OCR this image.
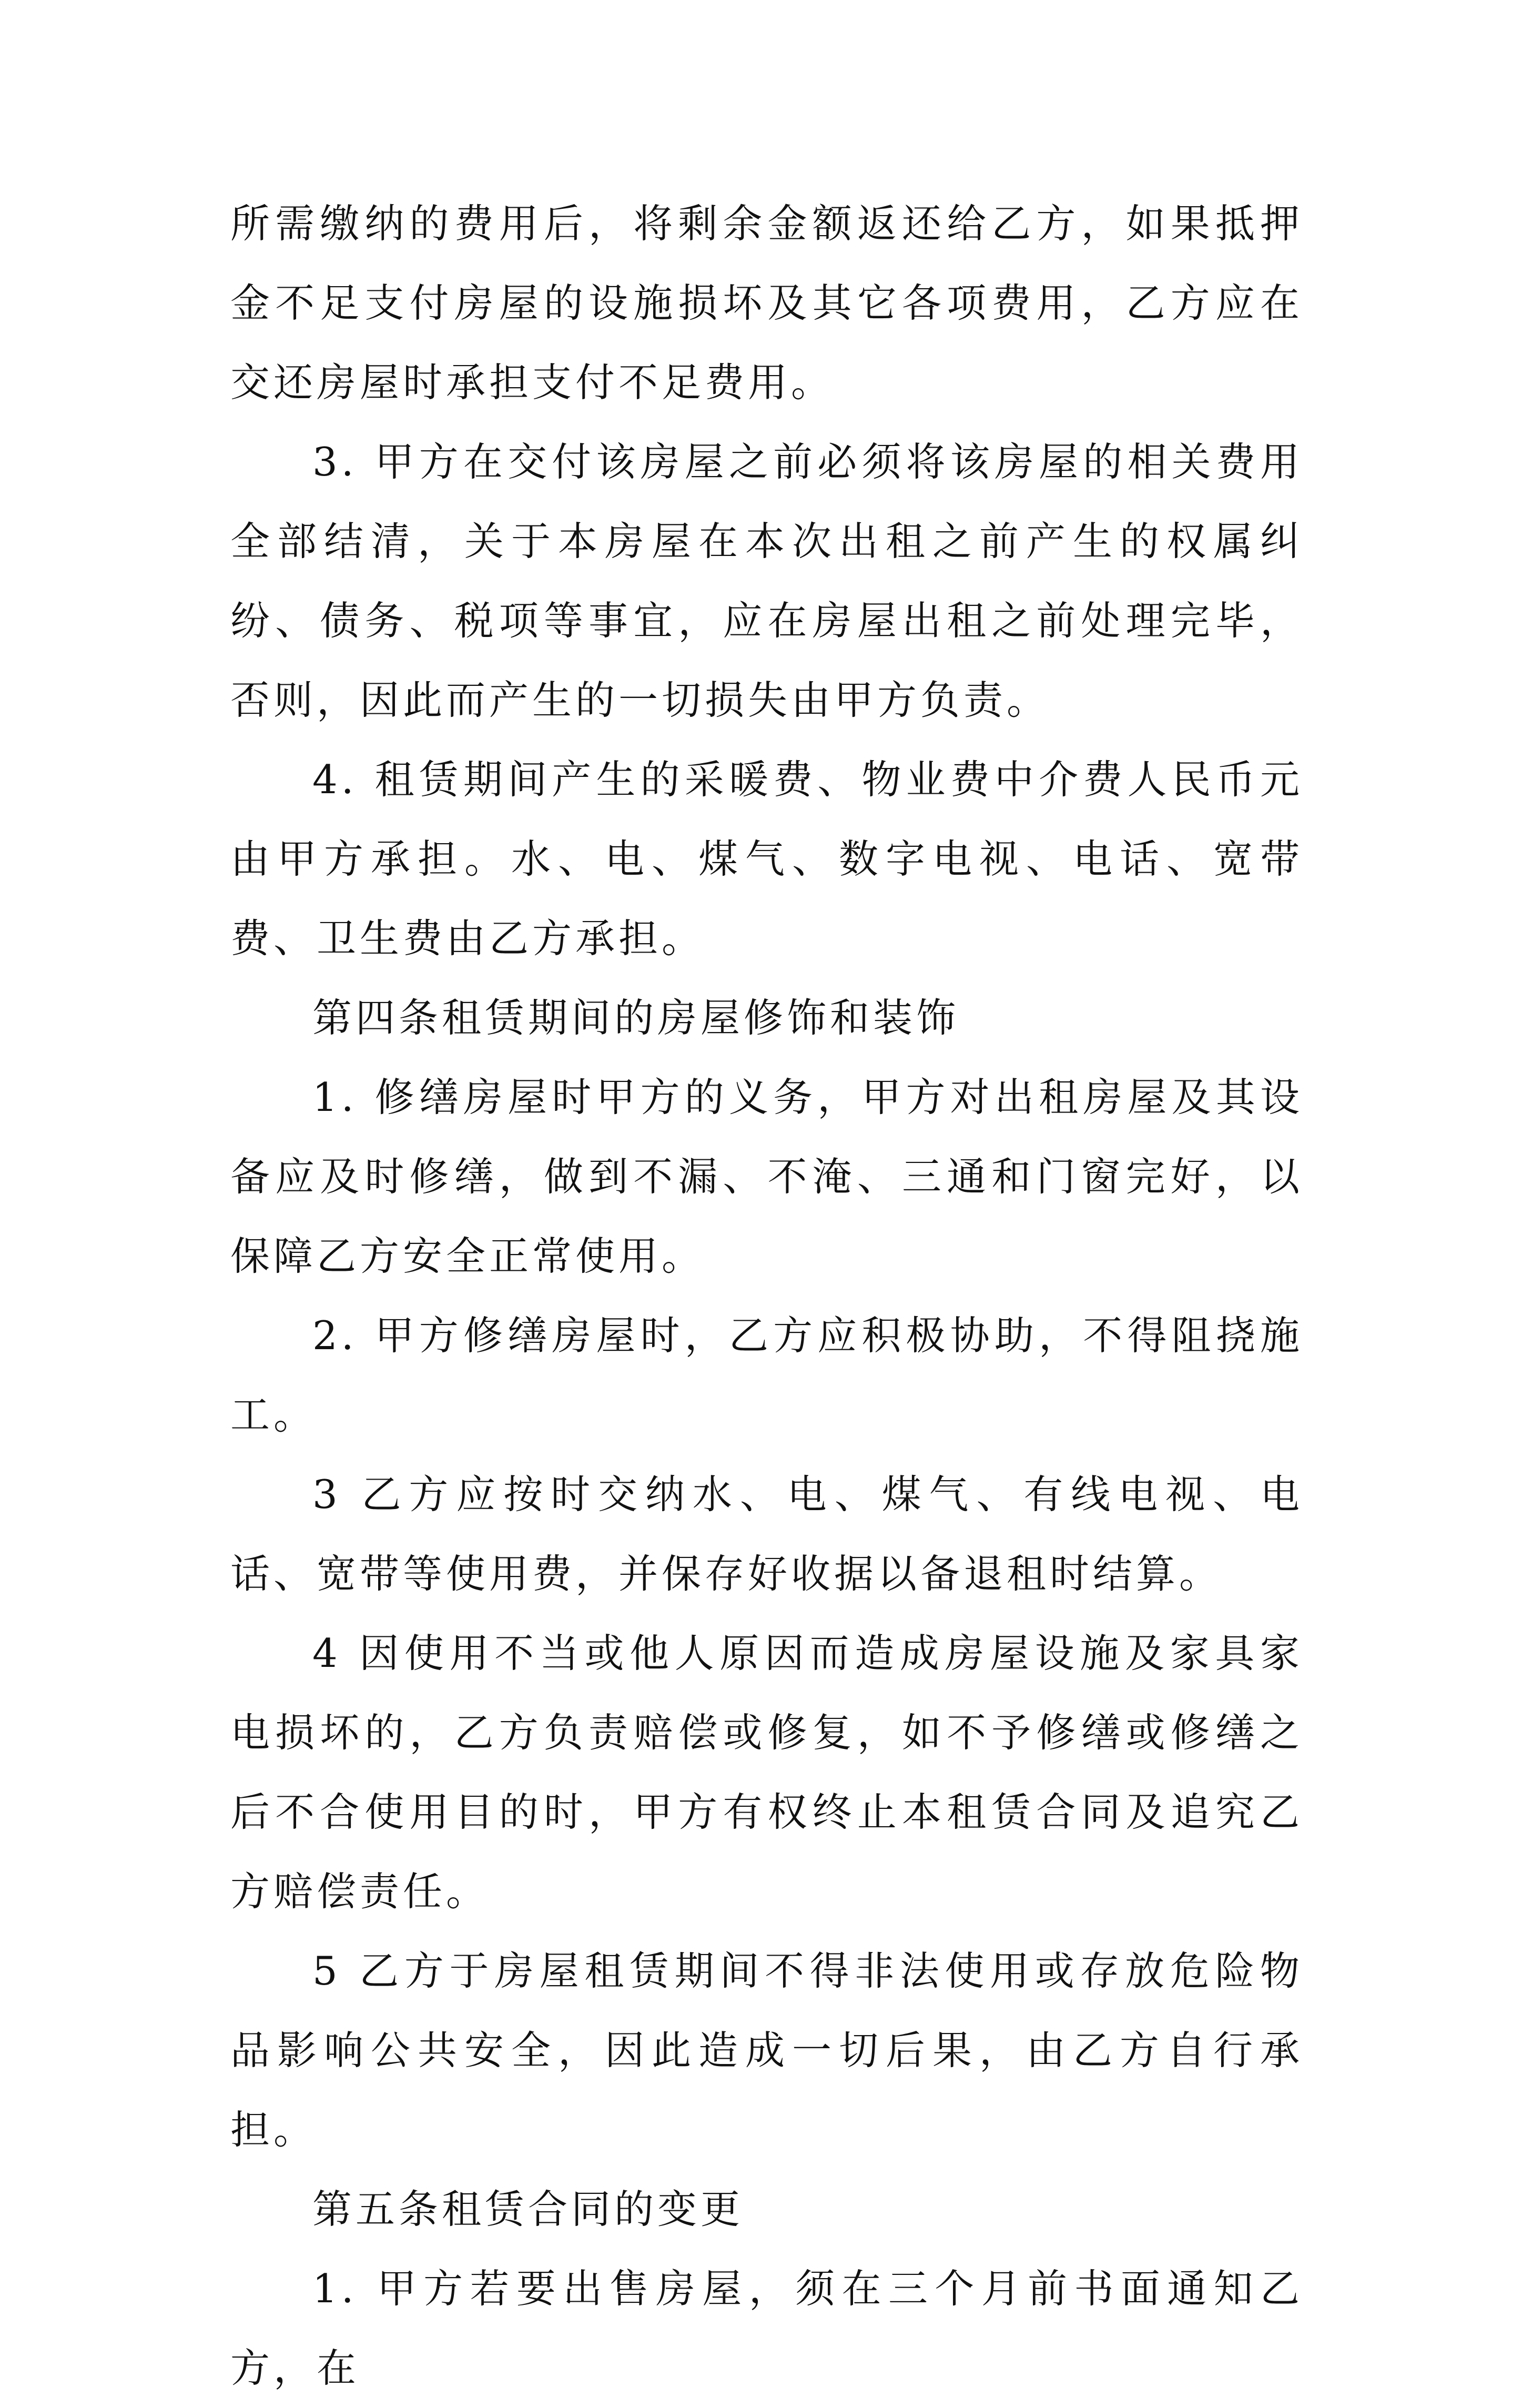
所需缴纳的费用后，将剩余金额返还给乙方，如果抵押金不足支付房屋的设施损坏及其它各项费用，乙方应在交还房屋时承担支付不足费用。

3. 甲方在交付该房屋之前必须将该房屋的相关费用全部结清，关于本房屋在本次出租之前产生的权属纠纷、债务、税项等事宜，应在房屋出租之前处理完毕，否则，因此而产生的一切损失由甲方负责。

4. 租赁期间产生的采暖费、物业费中介费人民币元由甲方承担。水、电、煤气、数字电视、电话、宽带费、卫生费由乙方承担。

第四条租赁期间的房屋修饰和装饰

1. 修缮房屋时甲方的义务，甲方对出租房屋及其设备应及时修缮，做到不漏、不淹、三通和门窗完好，以保障乙方安全正常使用。

2. 甲方修缮房屋时，乙方应积极协助，不得阻挠施工。

3 乙方应按时交纳水、电、煤气、有线电视、电话、宽带等使用费，并保存好收据以备退租时结算。

4 因使用不当或他人原因而造成房屋设施及家具家电损坏的，乙方负责赔偿或修复，如不予修缮或修缮之后不合使用目的时，甲方有权终止本租赁合同及追究乙方赔偿责任。

5 乙方于房屋租赁期间不得非法使用或存放危险物品影响公共安全，因此造成一切后果，由乙方自行承担。

第五条租赁合同的变更

1. 甲方若要出售房屋，须在三个月前书面通知乙方，在
